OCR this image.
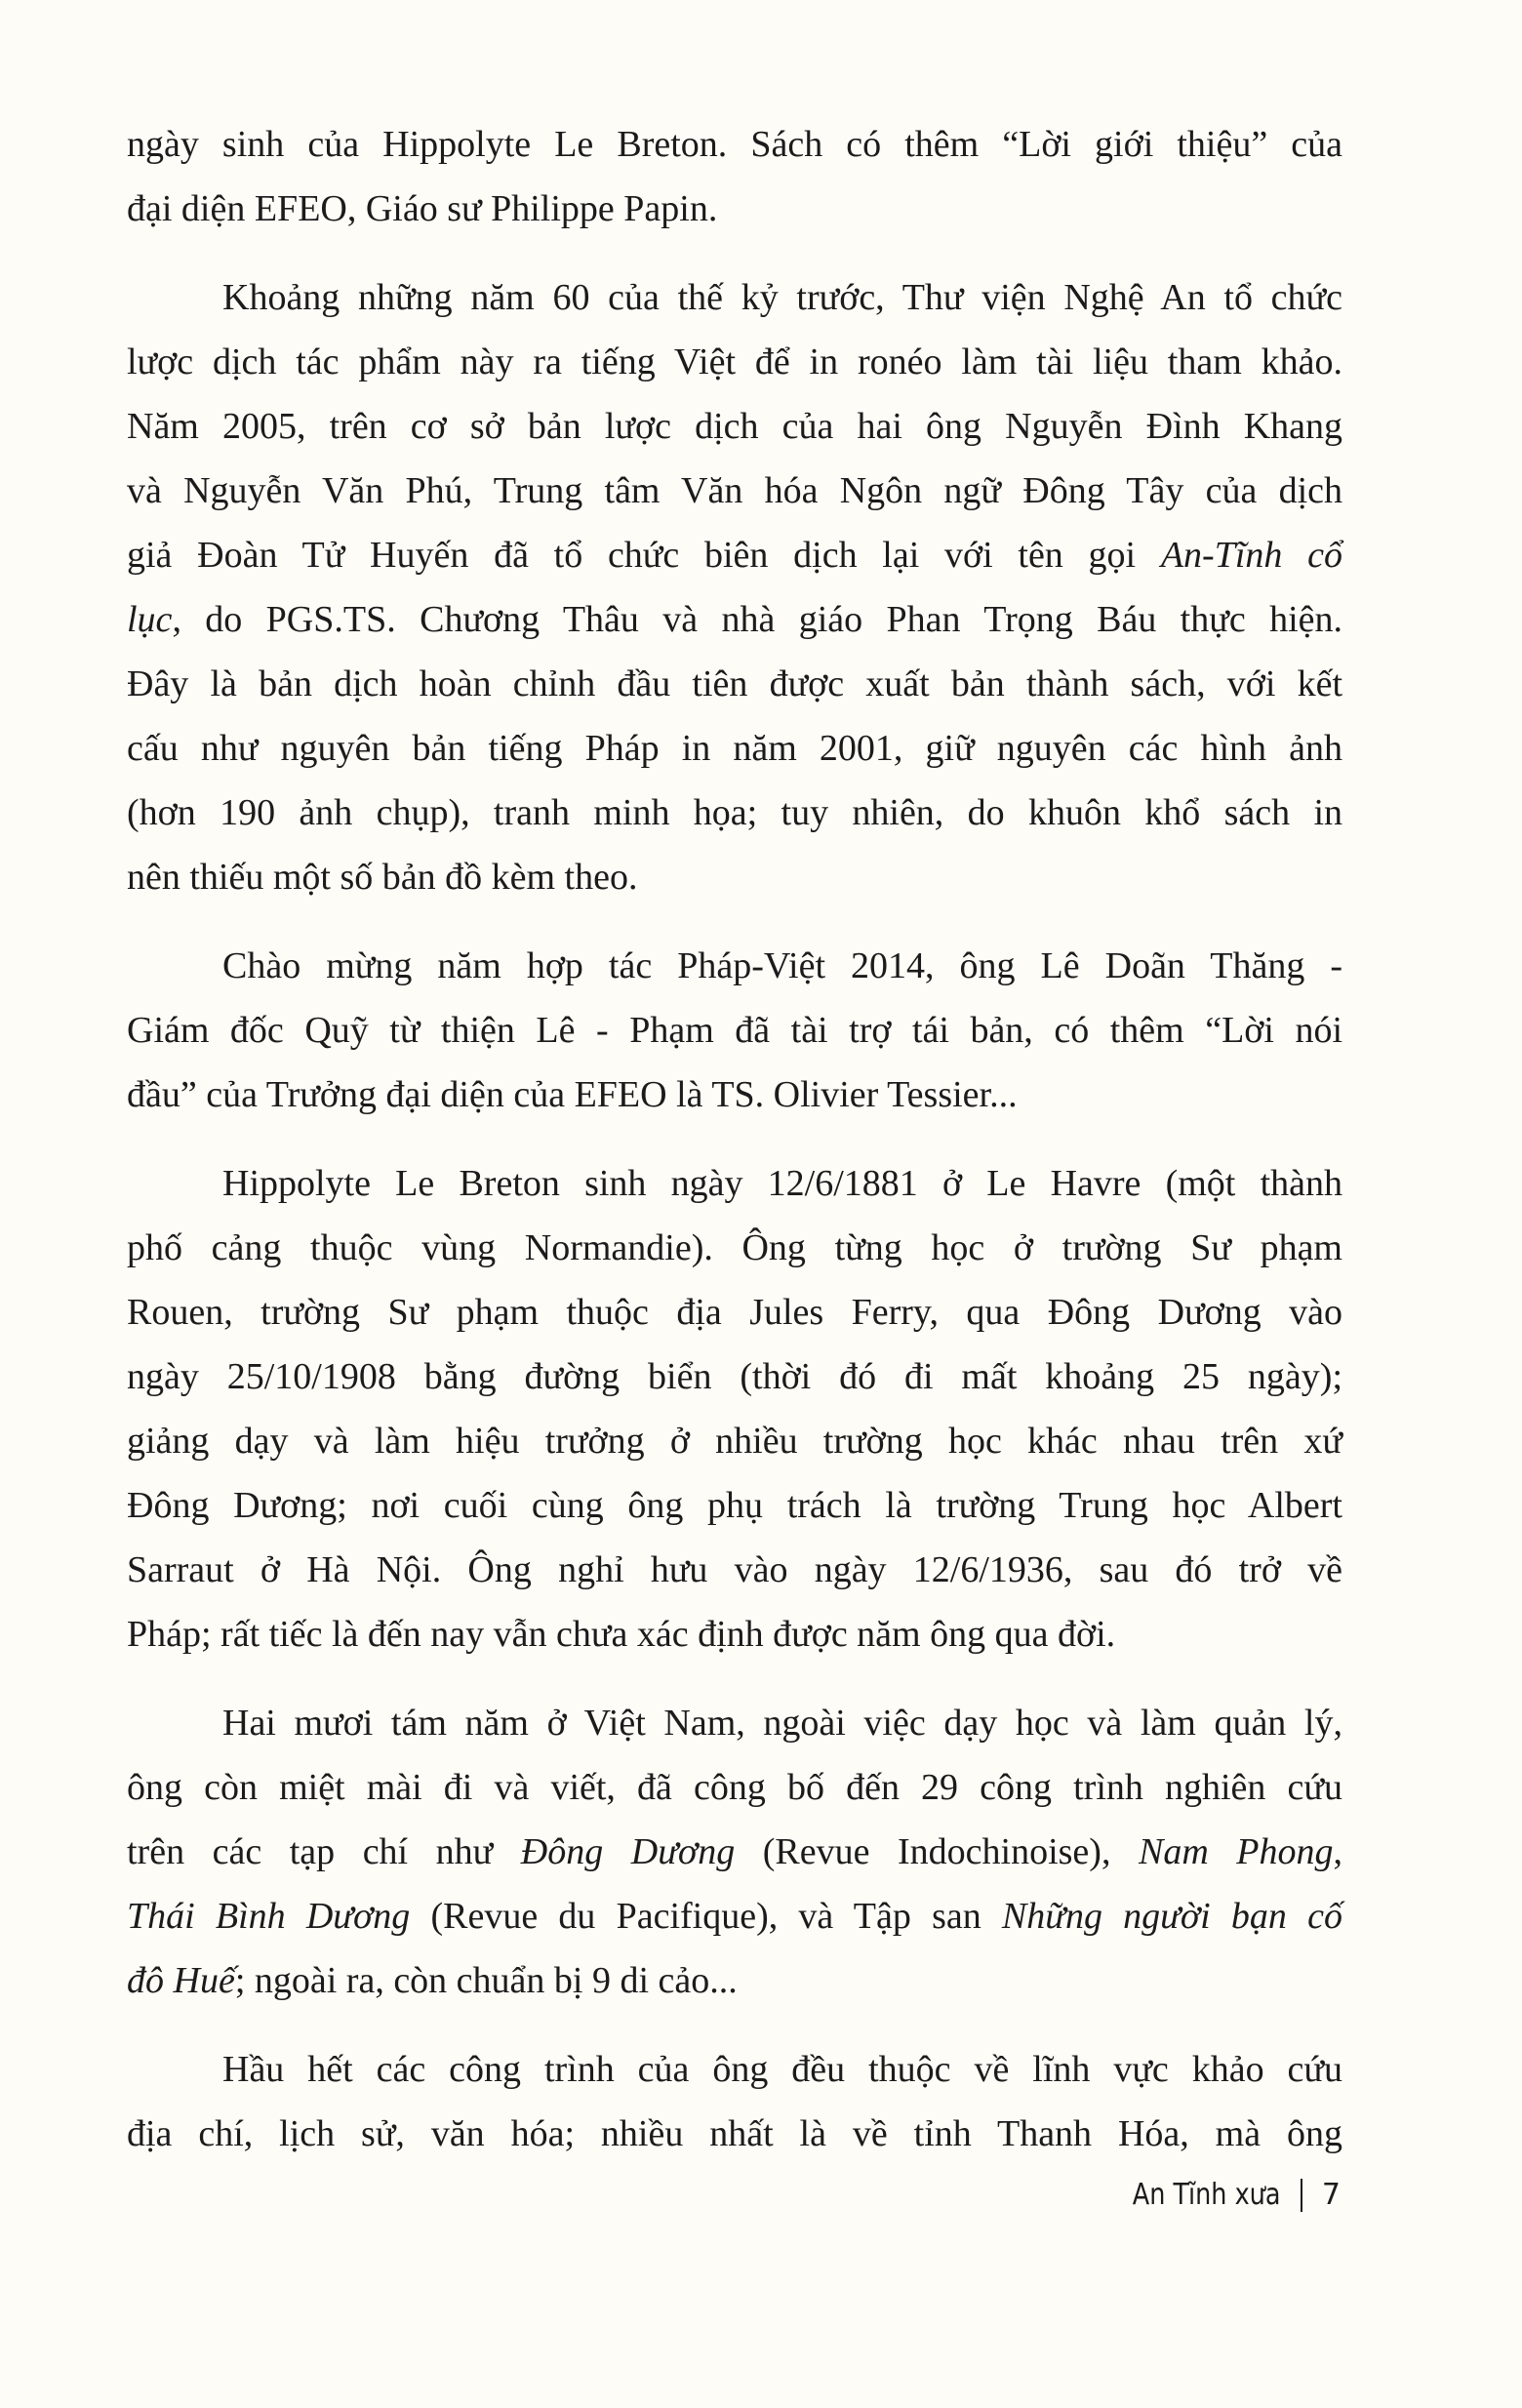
ngày sinh của Hippolyte Le Breton. Sách có thêm “Lời giới thiệu” của
đại diện EFEO, Giáo sư Philippe Papin.
Khoảng những năm 60 của thế kỷ trước, Thư viện Nghệ An tổ chức
lược dịch tác phẩm này ra tiếng Việt để in ronéo làm tài liệu tham khảo.
Năm 2005, trên cơ sở bản lược dịch của hai ông Nguyễn Đình Khang
và Nguyễn Văn Phú, Trung tâm Văn hóa Ngôn ngữ Đông Tây của dịch
giả Đoàn Tử Huyến đã tổ chức biên dịch lại với tên gọi An-Tĩnh cổ
lục, do PGS.TS. Chương Thâu và nhà giáo Phan Trọng Báu thực hiện.
Đây là bản dịch hoàn chỉnh đầu tiên được xuất bản thành sách, với kết
cấu như nguyên bản tiếng Pháp in năm 2001, giữ nguyên các hình ảnh
(hơn 190 ảnh chụp), tranh minh họa; tuy nhiên, do khuôn khổ sách in
nên thiếu một số bản đồ kèm theo.
Chào mừng năm hợp tác Pháp-Việt 2014, ông Lê Doãn Thăng -
Giám đốc Quỹ từ thiện Lê - Phạm đã tài trợ tái bản, có thêm “Lời nói
đầu” của Trưởng đại diện của EFEO là TS. Olivier Tessier...
Hippolyte Le Breton sinh ngày 12/6/1881 ở Le Havre (một thành
phố cảng thuộc vùng Normandie). Ông từng học ở trường Sư phạm
Rouen, trường Sư phạm thuộc địa Jules Ferry, qua Đông Dương vào
ngày 25/10/1908 bằng đường biển (thời đó đi mất khoảng 25 ngày);
giảng dạy và làm hiệu trưởng ở nhiều trường học khác nhau trên xứ
Đông Dương; nơi cuối cùng ông phụ trách là trường Trung học Albert
Sarraut ở Hà Nội. Ông nghỉ hưu vào ngày 12/6/1936, sau đó trở về
Pháp; rất tiếc là đến nay vẫn chưa xác định được năm ông qua đời.
Hai mươi tám năm ở Việt Nam, ngoài việc dạy học và làm quản lý,
ông còn miệt mài đi và viết, đã công bố đến 29 công trình nghiên cứu
trên các tạp chí như Đông Dương (Revue Indochinoise), Nam Phong,
Thái Bình Dương (Revue du Pacifique), và Tập san Những người bạn cố
đô Huế; ngoài ra, còn chuẩn bị 9 di cảo...
Hầu hết các công trình của ông đều thuộc về lĩnh vực khảo cứu
địa chí, lịch sử, văn hóa; nhiều nhất là về tỉnh Thanh Hóa, mà ông
An Tĩnh xưa 7
